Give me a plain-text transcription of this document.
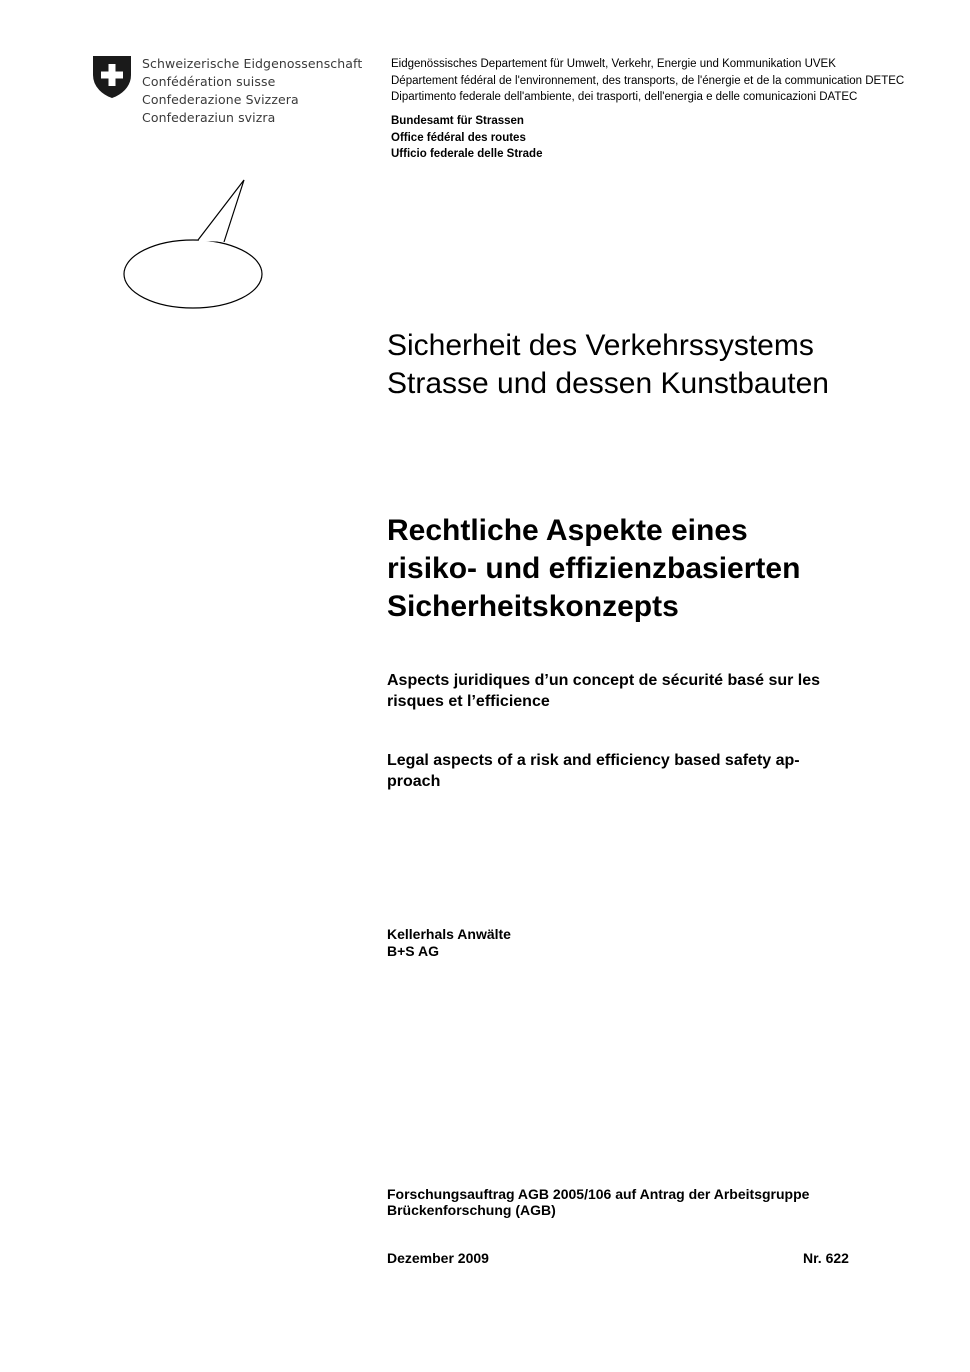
Schweizerische Eidgenossenschaft
Confédération suisse
Confederazione Svizzera
Confederaziun svizra
Eidgenössisches Departement für Umwelt, Verkehr, Energie und Kommunikation UVEK
Département fédéral de l'environnement, des transports, de l'énergie et de la communication DETEC
Dipartimento federale dell'ambiente, dei trasporti, dell'energia e delle comunicazioni DATEC
Bundesamt für Strassen
Office fédéral des routes
Ufficio federale delle Strade
Sicherheit des Verkehrssystems
Strasse und dessen Kunstbauten
Rechtliche Aspekte eines
risiko- und effizienzbasierten
Sicherheitskonzepts
Aspects juridiques d’un concept de sécurité basé sur les
risques et l’efficience
Legal aspects of a risk and efficiency based safety ap-
proach
Kellerhals Anwälte
B+S AG
Forschungsauftrag AGB 2005/106 auf Antrag der Arbeitsgruppe
Brückenforschung (AGB)
Dezember 2009	Nr. 622
